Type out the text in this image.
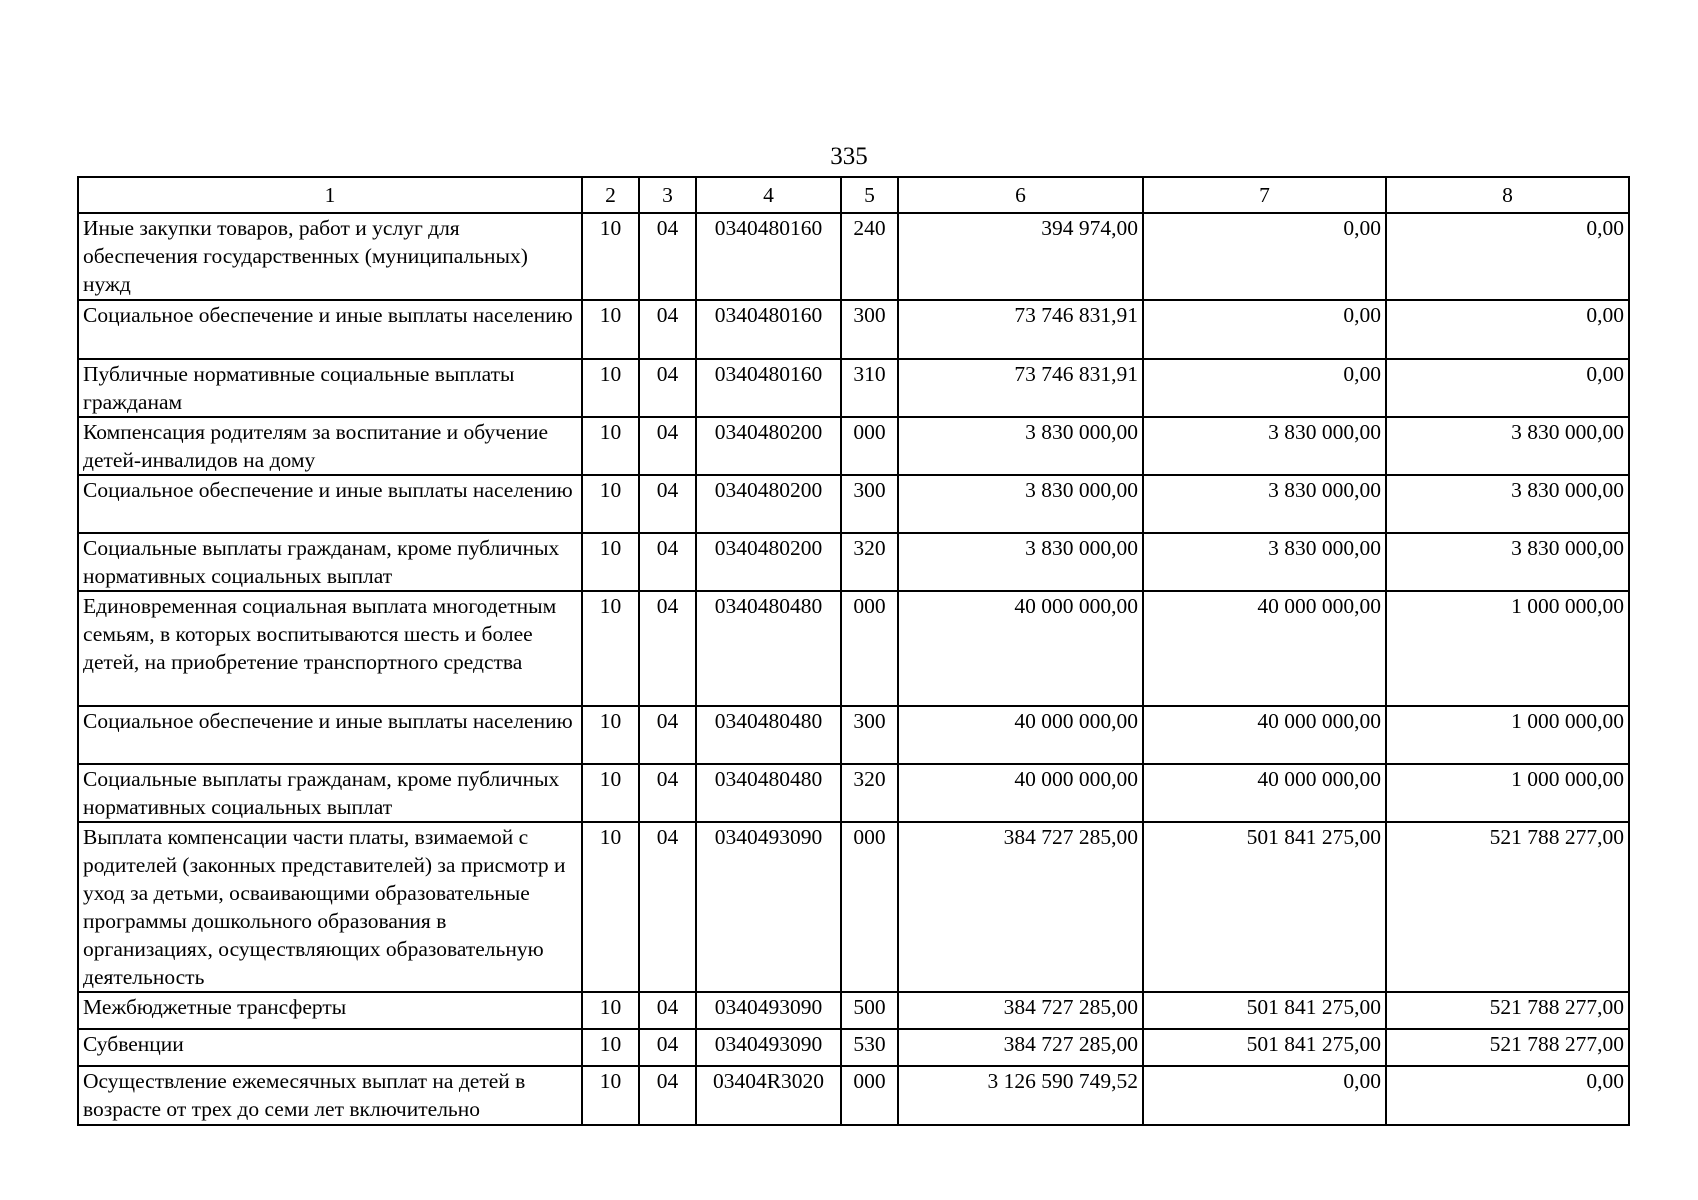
335
1	2	3	4	5	6	7	8
Иные закупки товаров, работ и услуг для обеспечения государственных (муниципальных) нужд	10	04	0340480160	240	394 974,00	0,00	0,00
Социальное обеспечение и иные выплаты населению	10	04	0340480160	300	73 746 831,91	0,00	0,00
Публичные нормативные социальные выплаты гражданам	10	04	0340480160	310	73 746 831,91	0,00	0,00
Компенсация родителям за воспитание и обучение детей-инвалидов на дому	10	04	0340480200	000	3 830 000,00	3 830 000,00	3 830 000,00
Социальное обеспечение и иные выплаты населению	10	04	0340480200	300	3 830 000,00	3 830 000,00	3 830 000,00
Социальные выплаты гражданам, кроме публичных нормативных социальных выплат	10	04	0340480200	320	3 830 000,00	3 830 000,00	3 830 000,00
Единовременная социальная выплата многодетным семьям, в которых воспитываются шесть и более детей, на приобретение транспортного средства	10	04	0340480480	000	40 000 000,00	40 000 000,00	1 000 000,00
Социальное обеспечение и иные выплаты населению	10	04	0340480480	300	40 000 000,00	40 000 000,00	1 000 000,00
Социальные выплаты гражданам, кроме публичных нормативных социальных выплат	10	04	0340480480	320	40 000 000,00	40 000 000,00	1 000 000,00
Выплата компенсации части платы, взимаемой с родителей (законных представителей) за присмотр и уход за детьми, осваивающими образовательные программы дошкольного образования в организациях, осуществляющих образовательную деятельность	10	04	0340493090	000	384 727 285,00	501 841 275,00	521 788 277,00
Межбюджетные трансферты	10	04	0340493090	500	384 727 285,00	501 841 275,00	521 788 277,00
Субвенции	10	04	0340493090	530	384 727 285,00	501 841 275,00	521 788 277,00
Осуществление ежемесячных выплат на детей в возрасте от трех до семи лет включительно	10	04	03404R3020	000	3 126 590 749,52	0,00	0,00
